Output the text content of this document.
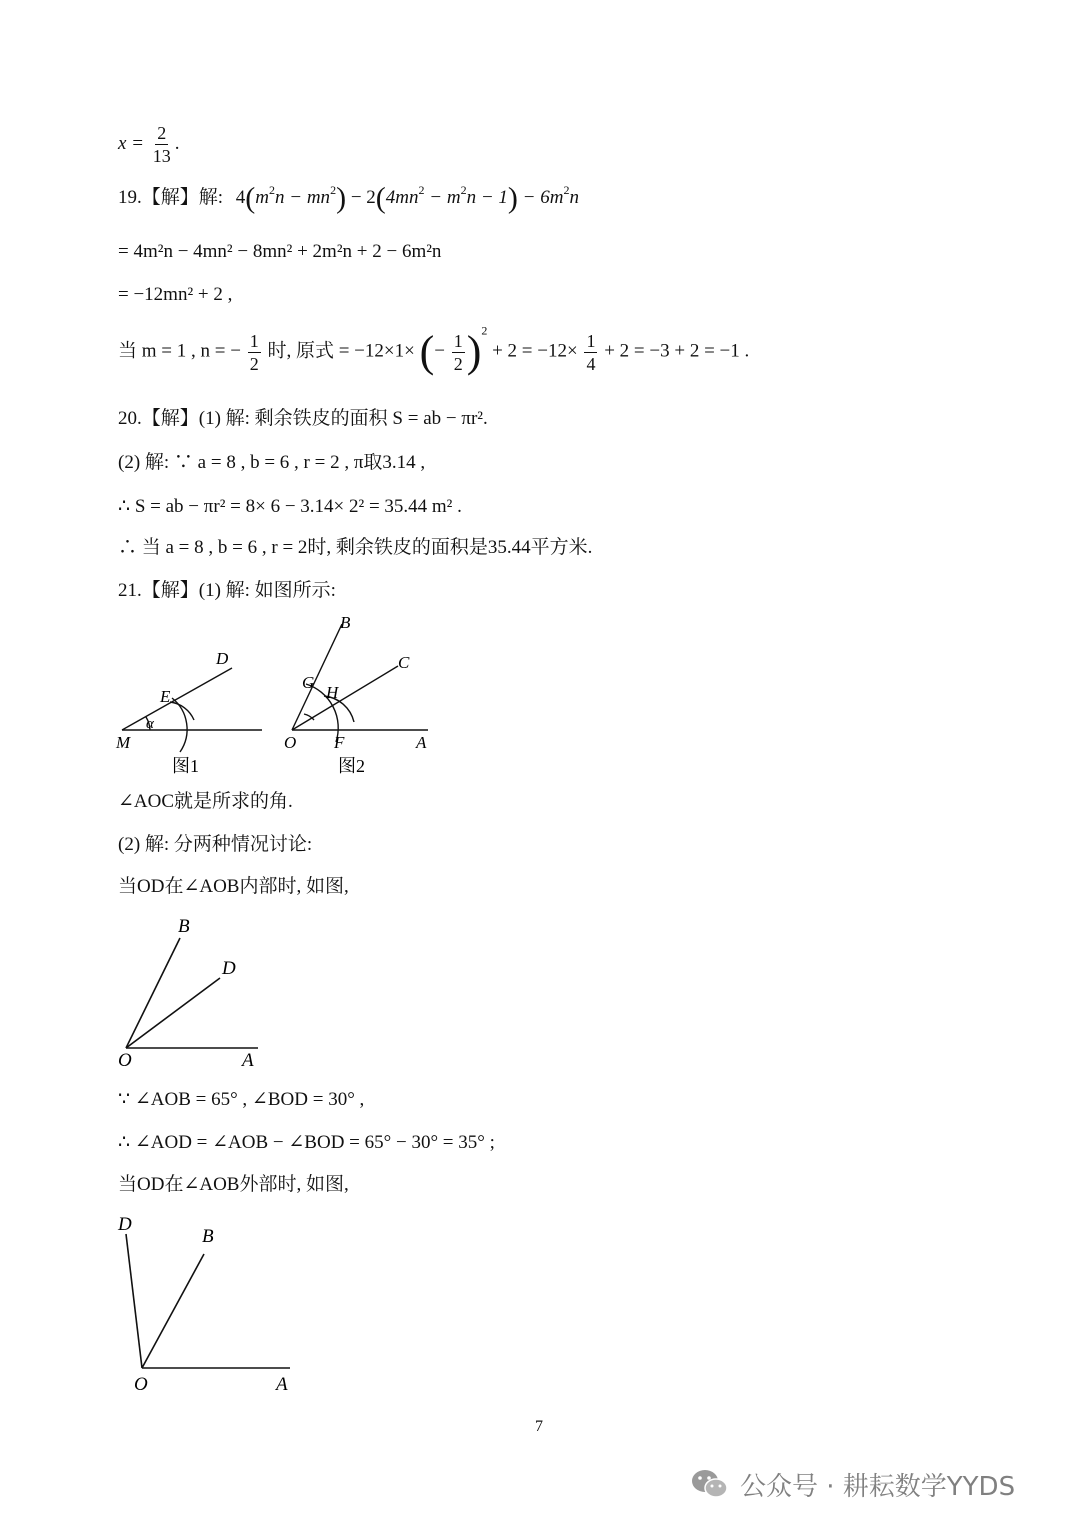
$x = \frac{2}{13}$ .
19.【解】解: $4(m^2n - mn^2) - 2(4mn^2 - m^2n - 1) - 6m^2n$
= 4m²n − 4mn² − 8mn² + 2m²n + 2 − 6m²n
= −12mn² + 2 ,
当 m = 1 , n = − $\frac{1}{2}$ 时, 原式 = −12×1× (− $\frac{1}{2} )^2 + 2 = -12\times \frac{1}{4} + 2 = -3 + 2 = -1$ .
20.【解】(1) 解: 剩余铁皮的面积 S = ab − πr².
(2) 解: ∵ a = 8 , b = 6 , r = 2 , π取3.14 ,
∴ S = ab − πr² = 8× 6 − 3.14× 2² = 35.44 m² .
∴ 当 a = 8 , b = 6 , r = 2时, 剩余铁皮的面积是35.44平方米.
21.【解】(1) 解: 如图所示:
D
E
α
M
图1
B
C
G
H
O F	A
图2
∠AOC就是所求的角.
(2) 解: 分两种情况讨论:
当OD在∠AOB内部时, 如图,
B
D
O	A
∵ ∠AOB = 65° , ∠BOD = 30° ,
∴ ∠AOD = ∠AOB − ∠BOD = 65° − 30° = 35° ;
当OD在∠AOB外部时, 如图,
D
B
O	A
7
公众号 · 耕耘数学YYDS
